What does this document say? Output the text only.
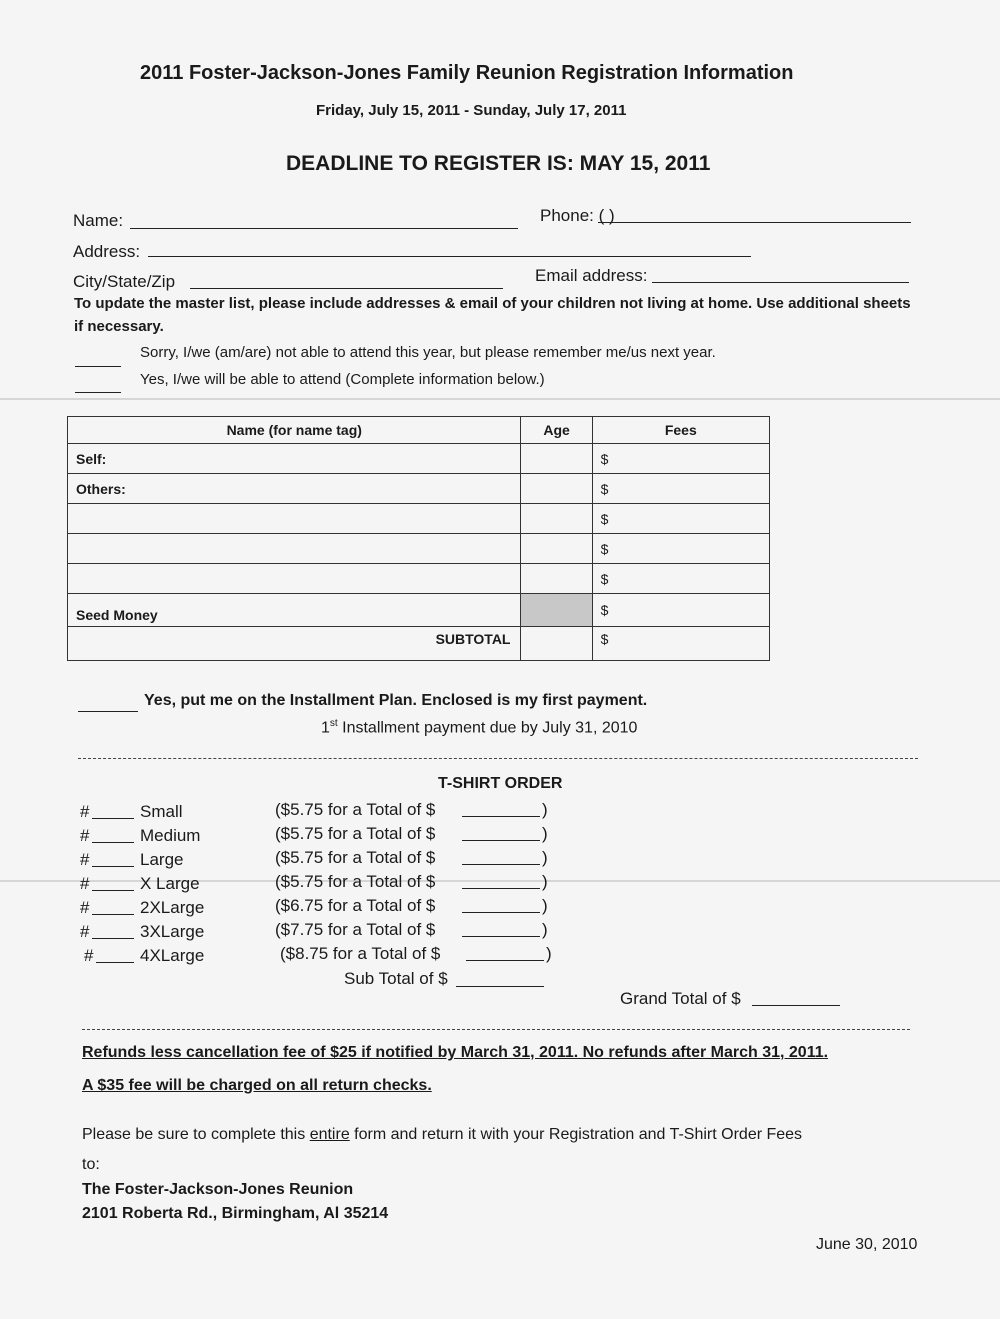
2011 Foster-Jackson-Jones Family Reunion Registration Information
Friday, July 15, 2011 - Sunday, July 17, 2011
DEADLINE TO REGISTER IS: MAY 15, 2011
Name:	Phone: ( )
Address:
City/State/Zip	Email address:
To update the master list, please include addresses & email of your children not living at home. Use additional sheets if necessary.
Sorry, I/we (am/are) not able to attend this year, but please remember me/us next year.
Yes, I/we will be able to attend (Complete information below.)
Name (for name tag)	Age	Fees
Self:		$
Others:		$
		$
		$
		$
Seed Money		$
SUBTOTAL		$
Yes, put me on the Installment Plan. Enclosed is my first payment.
1st Installment payment due by July 31, 2010
T-SHIRT ORDER
#	Small	($5.75 for a Total of $	)
#	Medium	($5.75 for a Total of $	)
#	Large	($5.75 for a Total of $	)
#	X Large	($5.75 for a Total of $	)
#	2XLarge	($6.75 for a Total of $	)
#	3XLarge	($7.75 for a Total of $	)
#	4XLarge	($8.75 for a Total of $	)
Sub Total of $
Grand Total of $
Refunds less cancellation fee of $25 if notified by March 31, 2011. No refunds after March 31, 2011.
A $35 fee will be charged on all return checks.
Please be sure to complete this entire form and return it with your Registration and T-Shirt Order Fees
to:
The Foster-Jackson-Jones Reunion
2101 Roberta Rd., Birmingham, Al 35214
June 30, 2010
